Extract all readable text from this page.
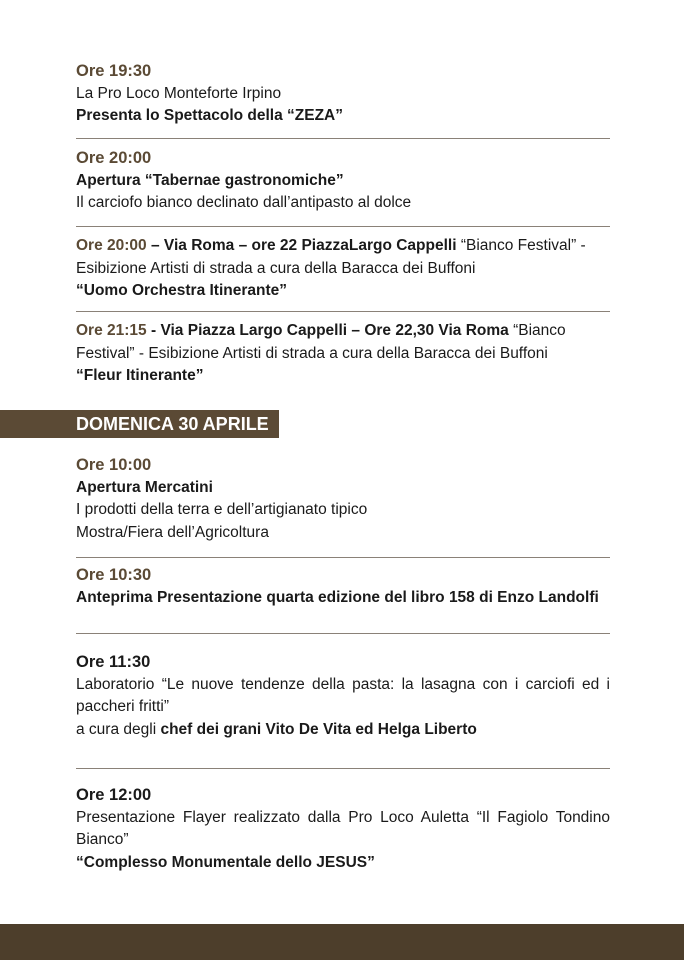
Ore 19:30

La Pro Loco Monteforte Irpino

Presenta lo Spettacolo della “ZEZA”

Ore 20:00

Apertura “Tabernae gastronomiche”

Il carciofo bianco declinato dall’antipasto al dolce

Ore 20:00 – Via Roma – ore 22 PiazzaLargo Cappelli “Bianco Festival” - Esibizione Artisti di strada a cura della Baracca dei Buffoni

“Uomo Orchestra Itinerante”

Ore 21:15 - Via Piazza Largo Cappelli – Ore 22,30 Via Roma “Bianco Festival” - Esibizione Artisti di strada a cura della Baracca dei Buffoni

“Fleur Itinerante”

DOMENICA 30 APRILE

Ore 10:00

Apertura Mercatini

I prodotti della terra e dell’artigianato tipico

Mostra/Fiera dell’Agricoltura

Ore 10:30

Anteprima Presentazione quarta edizione del libro 158 di Enzo Landolfi

Ore 11:30

Laboratorio “Le nuove tendenze della pasta: la lasagna con i carciofi ed i paccheri fritti”

a cura degli chef dei grani Vito De Vita ed Helga Liberto

Ore 12:00

Presentazione Flayer realizzato dalla Pro Loco Auletta “Il Fagiolo Tondino Bianco”

“Complesso Monumentale dello JESUS”
